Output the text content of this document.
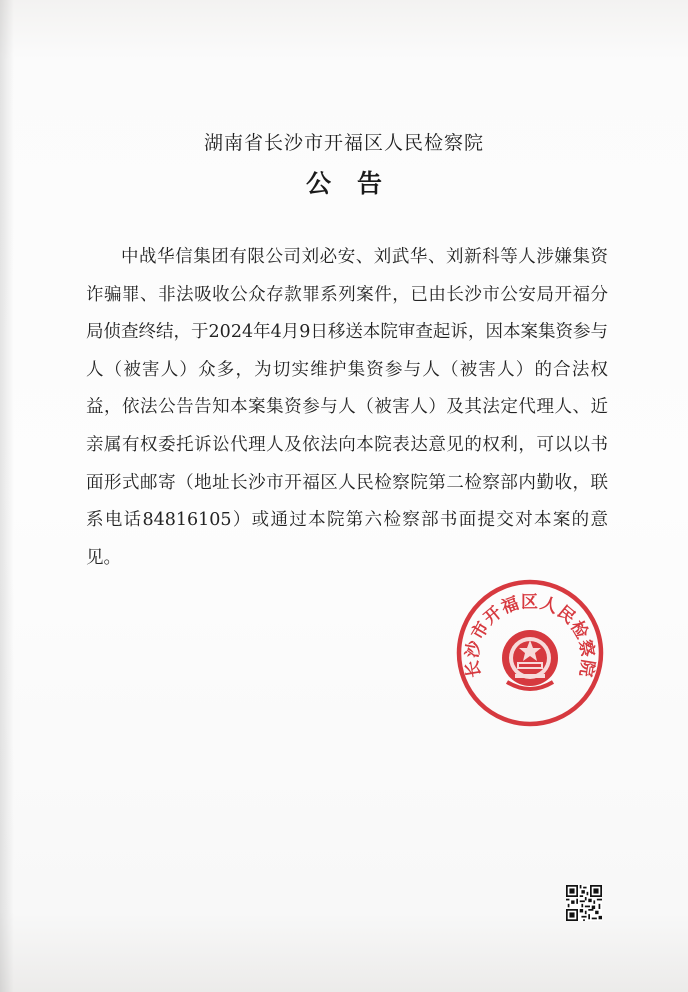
湖南省长沙市开福区人民检察院
公告
中战华信集团有限公司刘必安、刘武华、刘新科等人涉嫌集资诈骗罪、非法吸收公众存款罪系列案件，已由长沙市公安局开福分局侦查终结，于2024年4月9日移送本院审查起诉，因本案集资参与人（被害人）众多，为切实维护集资参与人（被害人）的合法权益，依法公告告知本案集资参与人（被害人）及其法定代理人、近亲属有权委托诉讼代理人及依法向本院表达意见的权利，可以以书面形式邮寄（地址长沙市开福区人民检察院第二检察部内勤收，联系电话84816105）或通过本院第六检察部书面提交对本案的意见。
长沙市开福区人民检察院
